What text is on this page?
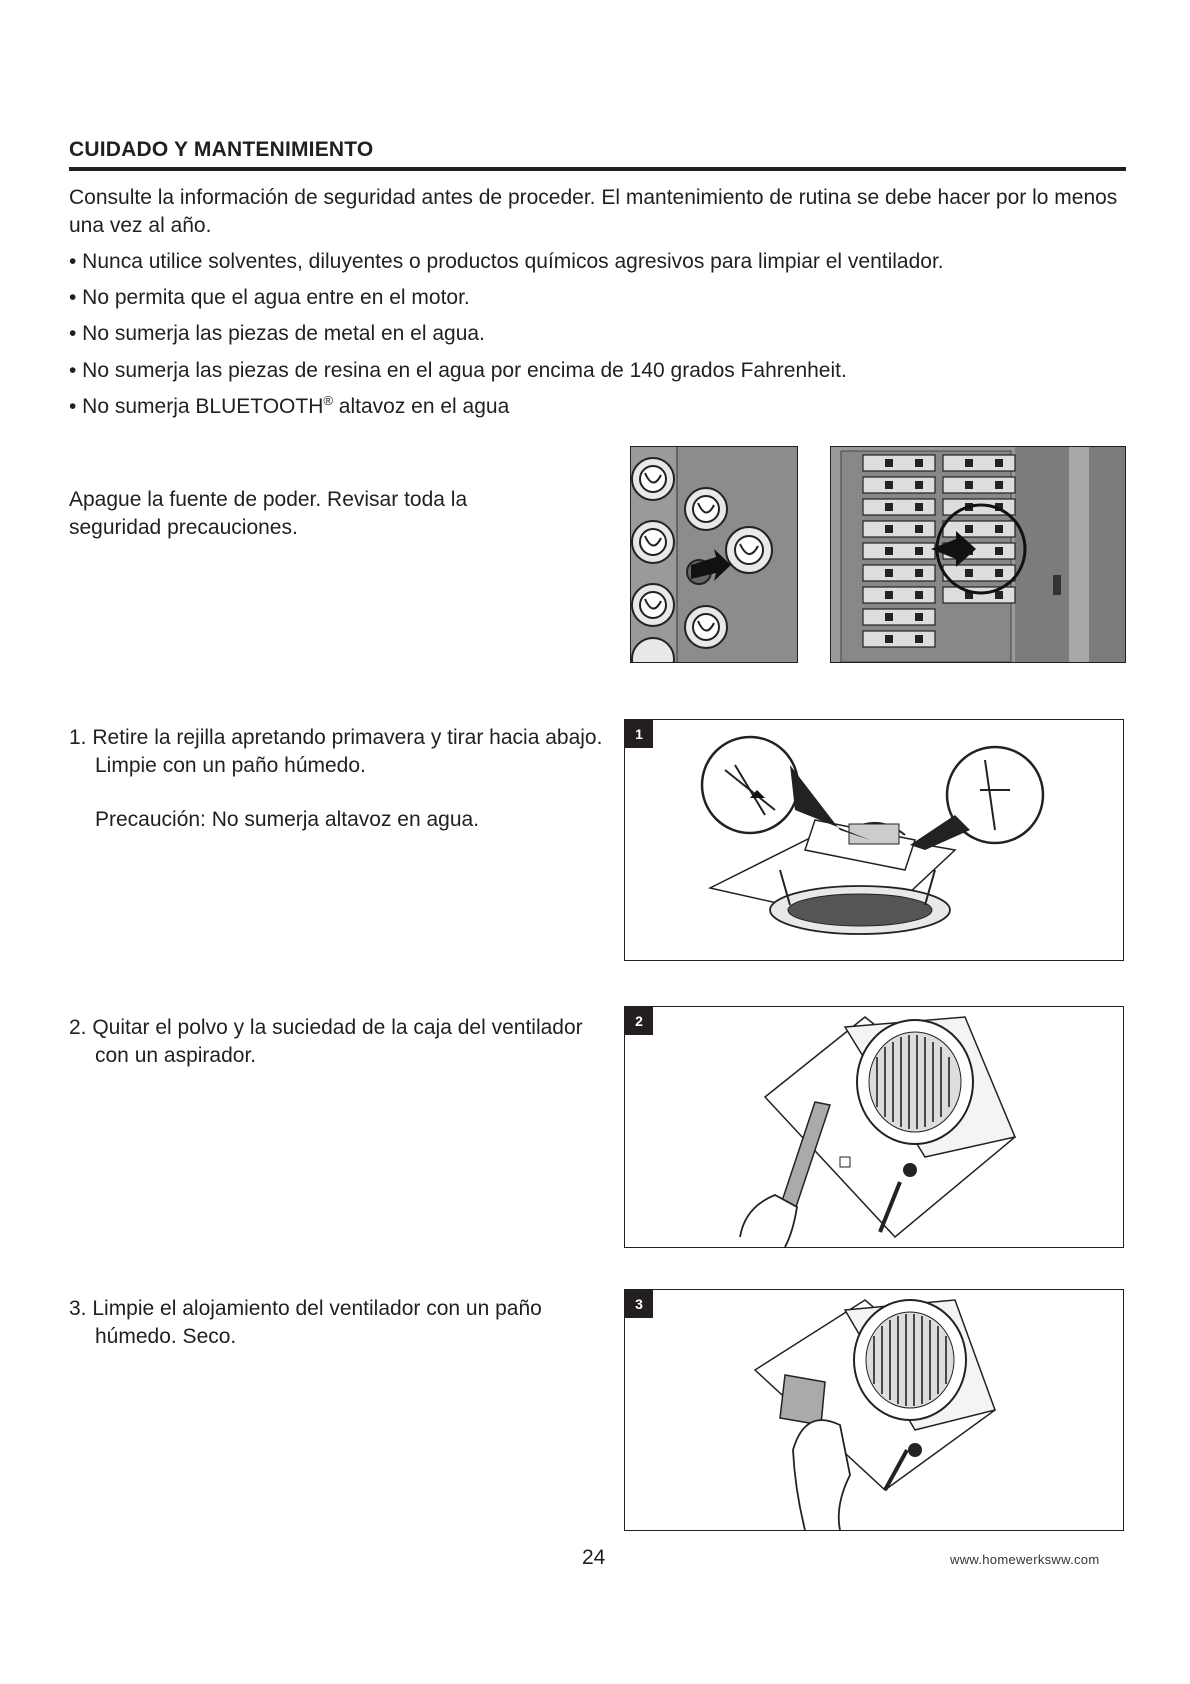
CUIDADO Y MANTENIMIENTO
Consulte la información de seguridad antes de proceder. El mantenimiento de rutina se debe hacer por lo menos una vez al año.
• Nunca utilice solventes, diluyentes o productos químicos agresivos para limpiar el ventilador.
• No permita que el agua entre en el motor.
• No sumerja las piezas de metal en el agua.
• No sumerja las piezas de resina en el agua por encima de 140 grados Fahrenheit.
• No sumerja BLUETOOTH® altavoz en el agua
Apague la fuente de poder. Revisar toda la seguridad precauciones.
1. Retire la rejilla apretando primavera y tirar hacia abajo. Limpie con un paño húmedo.
Precaución: No sumerja altavoz en agua.
1
2. Quitar el polvo y la suciedad de la caja del ventilador con un aspirador.
2
3. Limpie el alojamiento del ventilador con un paño húmedo. Seco.
3
24	www.homewerksww.com
